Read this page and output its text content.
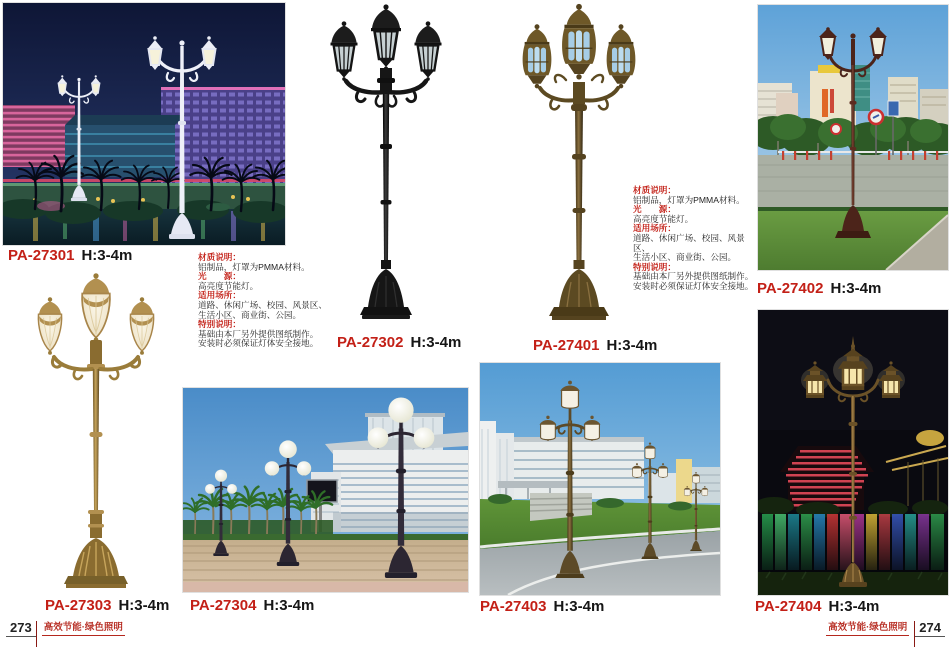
材质说明：
铝制品，灯罩为PMMA材料。
光　　源：
高亮度节能灯。
适用场所：
道路、休闲广场、校园、风景区、
生活小区、商业街、公园。
特别说明：
基础由本厂另外提供图纸制作。
安装时必须保证灯体安全接地。
材质说明：
铝制品，灯罩为PMMA材料。
光　　源：
高亮度节能灯。
适用场所：
道路、休闲广场、校园、风景区、
生活小区、商业街、公园。
特别说明：
基础由本厂另外提供图纸制作。
安装时必须保证灯体安全接地。
PA-27301 H:3-4m
PA-27302 H:3-4m	PA-27401 H:3-4m
PA-27402 H:3-4m
PA-27303 H:3-4m PA-27304 H:3-4m	PA-27403 H:3-4m	PA-27404 H:3-4m
273	高效节能·绿色照明	高效节能·绿色照明 274
